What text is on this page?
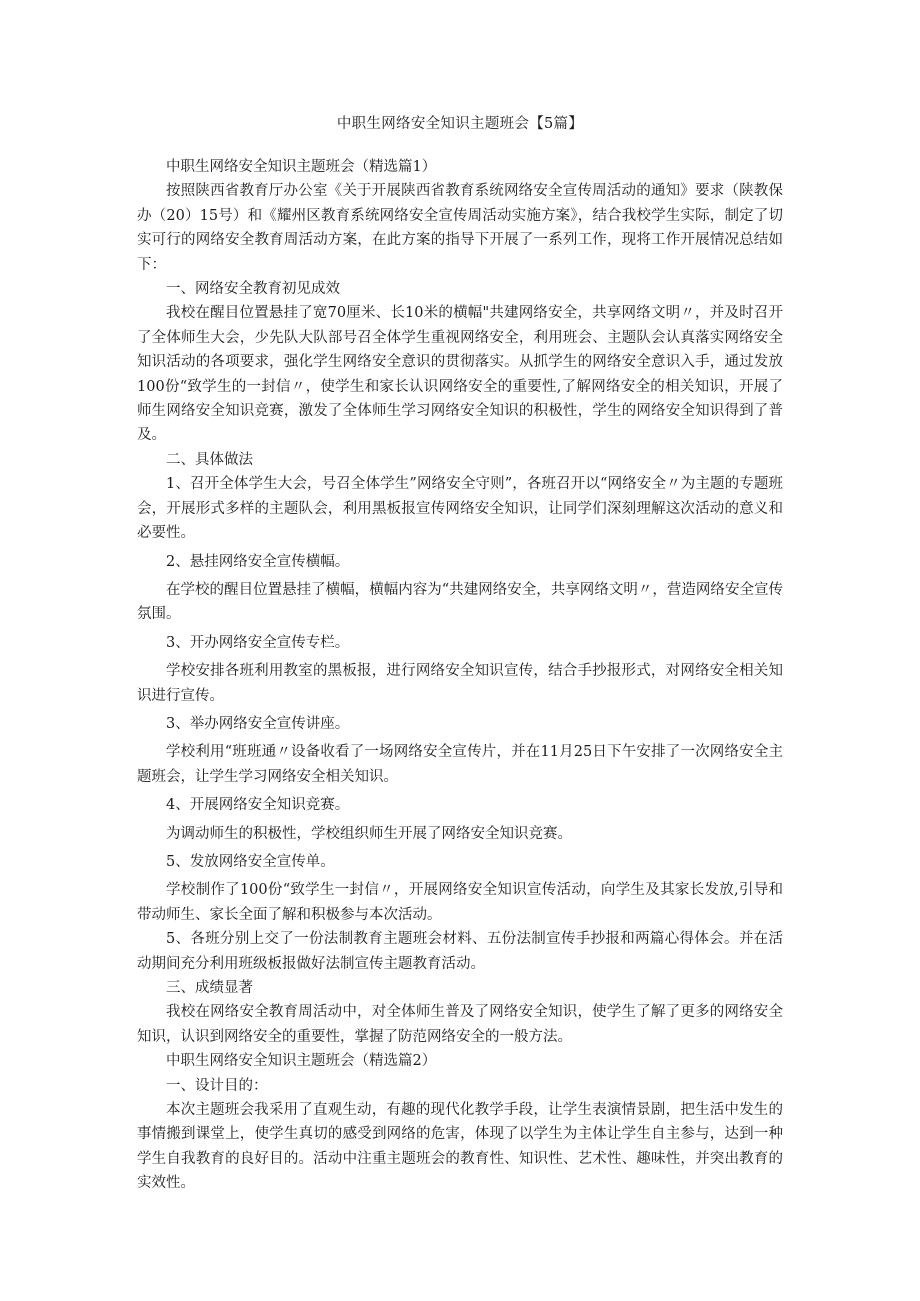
中职生网络安全知识主题班会【5篇】

中职生网络安全知识主题班会（精选篇1）

按照陕西省教育厅办公室《关于开展陕西省教育系统网络安全宣传周活动的通知》要求（陕教保办（20）15号）和《耀州区教育系统网络安全宣传周活动实施方案》，结合我校学生实际，制定了切实可行的网络安全教育周活动方案，在此方案的指导下开展了一系列工作，现将工作开展情况总结如下：

一、网络安全教育初见成效

我校在醒目位置悬挂了宽70厘米、长10米的横幅"共建网络安全，共享网络文明〃，并及时召开了全体师生大会，少先队大队部号召全体学生重视网络安全，利用班会、主题队会认真落实网络安全知识活动的各项要求，强化学生网络安全意识的贯彻落实。从抓学生的网络安全意识入手，通过发放100份“致学生的一封信〃，使学生和家长认识网络安全的重要性,了解网络安全的相关知识，开展了师生网络安全知识竞赛，激发了全体师生学习网络安全知识的积极性，学生的网络安全知识得到了普及。

二、具体做法

1、召开全体学生大会，号召全体学生”网络安全守则”，各班召开以“网络安全〃为主题的专题班会，开展形式多样的主题队会，利用黑板报宣传网络安全知识，让同学们深刻理解这次活动的意义和必要性。

2、悬挂网络安全宣传横幅。

在学校的醒目位置悬挂了横幅，横幅内容为“共建网络安全，共享网络文明〃，营造网络安全宣传氛围。

3、开办网络安全宣传专栏。

学校安排各班利用教室的黑板报，进行网络安全知识宣传，结合手抄报形式，对网络安全相关知识进行宣传。

3、举办网络安全宣传讲座。

学校利用“班班通〃设备收看了一场网络安全宣传片，并在11月25日下午安排了一次网络安全主题班会，让学生学习网络安全相关知识。

4、开展网络安全知识竞赛。

为调动师生的积极性，学校组织师生开展了网络安全知识竞赛。

5、发放网络安全宣传单。

学校制作了100份“致学生一封信〃，开展网络安全知识宣传活动，向学生及其家长发放,引导和带动师生、家长全面了解和积极参与本次活动。

5、各班分别上交了一份法制教育主题班会材料、五份法制宣传手抄报和两篇心得体会。并在活动期间充分利用班级板报做好法制宣传主题教育活动。

三、成绩显著

我校在网络安全教育周活动中，对全体师生普及了网络安全知识，使学生了解了更多的网络安全知识，认识到网络安全的重要性，掌握了防范网络安全的一般方法。

中职生网络安全知识主题班会（精选篇2）

一、设计目的：

本次主题班会我采用了直观生动，有趣的现代化教学手段，让学生表演情景剧，把生活中发生的事情搬到课堂上，使学生真切的感受到网络的危害，体现了以学生为主体让学生自主参与，达到一种学生自我教育的良好目的。活动中注重主题班会的教育性、知识性、艺术性、趣味性，并突出教育的实效性。
